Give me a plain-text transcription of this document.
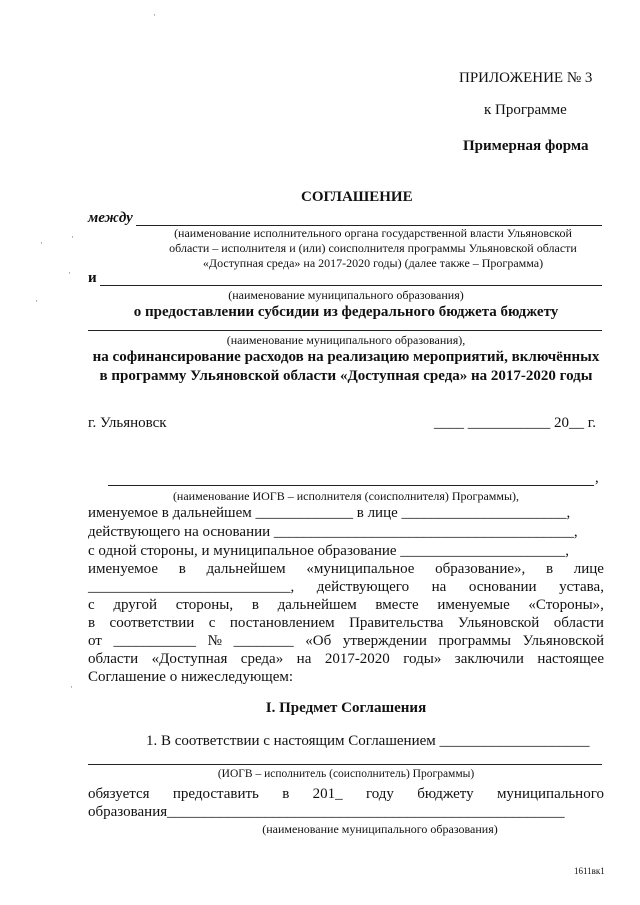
ПРИЛОЖЕНИЕ № 3
к Программе
Примерная форма
СОГЛАШЕНИЕ
между
(наименование исполнительного органа государственной власти Ульяновской
области – исполнителя и (или) соисполнителя программы Ульяновской области
«Доступная среда» на 2017-2020 годы) (далее также – Программа)
и
(наименование муниципального образования)
о предоставлении субсидии из федерального бюджета бюджету
(наименование муниципального образования),
на софинансирование расходов на реализацию мероприятий, включённых
в программу Ульяновской области «Доступная среда» на 2017-2020 годы
г. Ульяновск	____ ___________ 20__ г.
,
(наименование ИОГВ – исполнителя (соисполнителя) Программы),
именуемое в дальнейшем _____________ в лице ______________________,
действующего на основании ________________________________________,
с одной стороны, и муниципальное образование ______________________,
именуемое в дальнейшем «муниципальное образование», в лице
___________________________, действующего на основании устава,
с другой стороны, в дальнейшем вместе именуемые «Стороны»,
в соответствии с постановлением Правительства Ульяновской области
от ___________ № ________ «Об утверждении программы Ульяновской
области «Доступная среда» на 2017-2020 годы» заключили настоящее
Соглашение о нижеследующем:
I. Предмет Соглашения
1. В соответствии с настоящим Соглашением ____________________
(ИОГВ – исполнитель (соисполнитель) Программы)
обязуется предоставить в 201_ году бюджету муниципального
образования_____________________________________________________
(наименование муниципального образования)
1611вк1
·
·
·
·
·
·
